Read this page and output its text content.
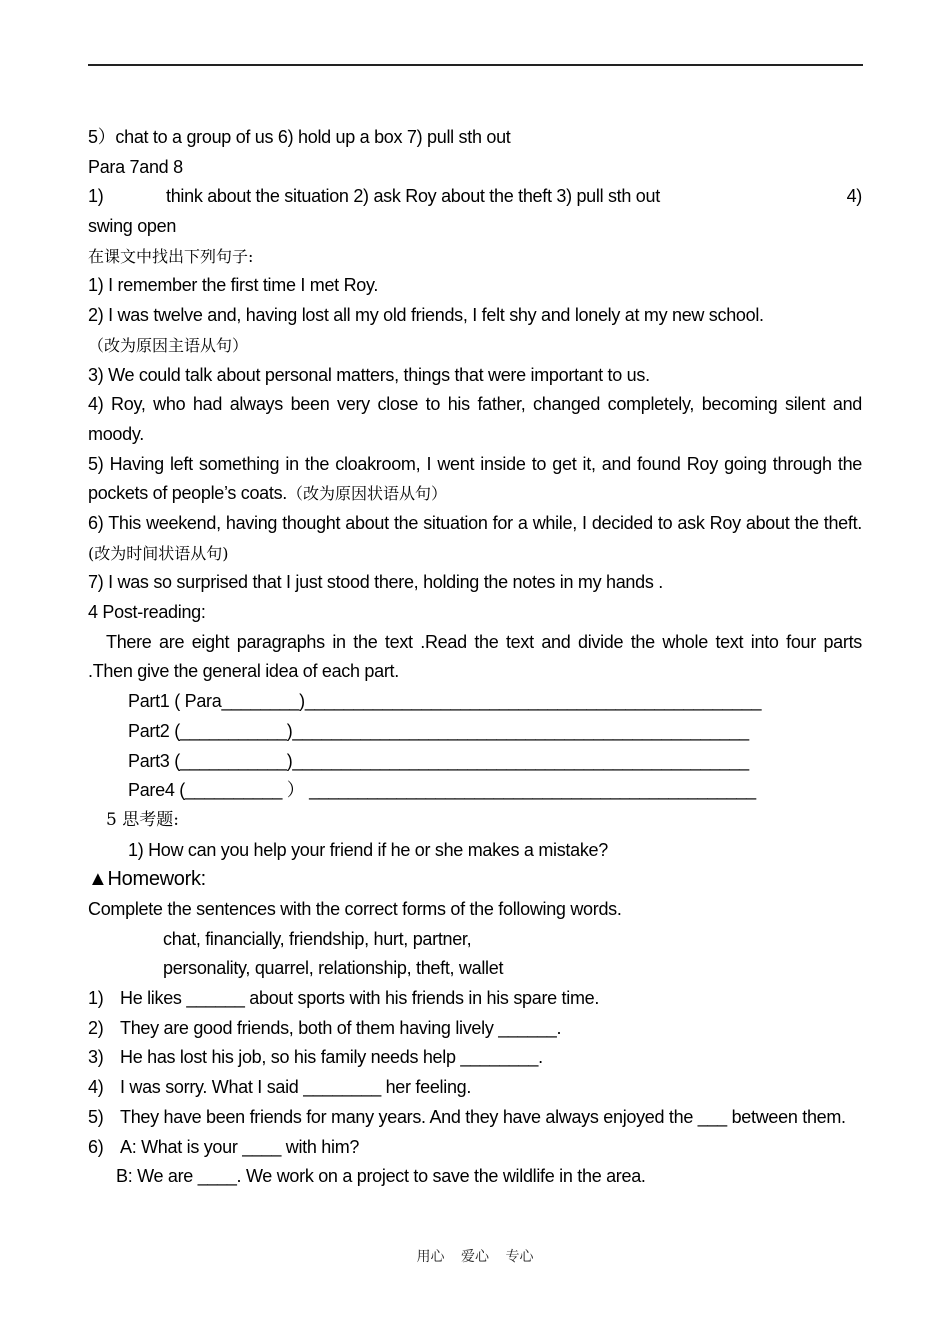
5）chat to a group of us 6) hold up a box 7) pull sth out
Para 7and 8
1)	think about the situation 2) ask Roy about the theft 3) pull sth out	4)
swing open
在课文中找出下列句子:
1) I remember the first time I met Roy.
2) I was twelve and, having lost all my old friends, I felt shy and lonely at my new school.
（改为原因主语从句）
3) We could talk about personal matters, things that were important to us.
4) Roy, who had always been very close to his father, changed completely, becoming silent and moody.
5) Having left something in the cloakroom, I went inside to get it, and found Roy going through the pockets of people’s coats.（改为原因状语从句）
6) This weekend, having thought about the situation for a while, I decided to ask Roy about the theft.(改为时间状语从句)
7) I was so surprised that I just stood there, holding the notes in my hands .
4 Post-reading:
There are eight paragraphs in the text .Read the text and divide the whole text into four parts .Then give the general idea of each part.
Part1 ( Para________)_______________________________________________
Part2 (___________)_______________________________________________
Part3 (___________)_______________________________________________
Pare4 (__________ ） ______________________________________________
5 思考题:
1) How can you help your friend if he or she makes a mistake?
▲Homework:
Complete the sentences with the correct forms of the following words.
chat, financially, friendship, hurt, partner,
personality, quarrel, relationship, theft, wallet
1) He likes ______ about sports with his friends in his spare time.
2) They are good friends, both of them having lively ______.
3) He has lost his job, so his family needs help ________.
4) I was sorry. What I said ________ her feeling.
5) They have been friends for many years. And they have always enjoyed the ___ between them.
6) A: What is your ____ with him?
B: We are ____. We work on a project to save the wildlife in the area.
用心 爱心 专心
